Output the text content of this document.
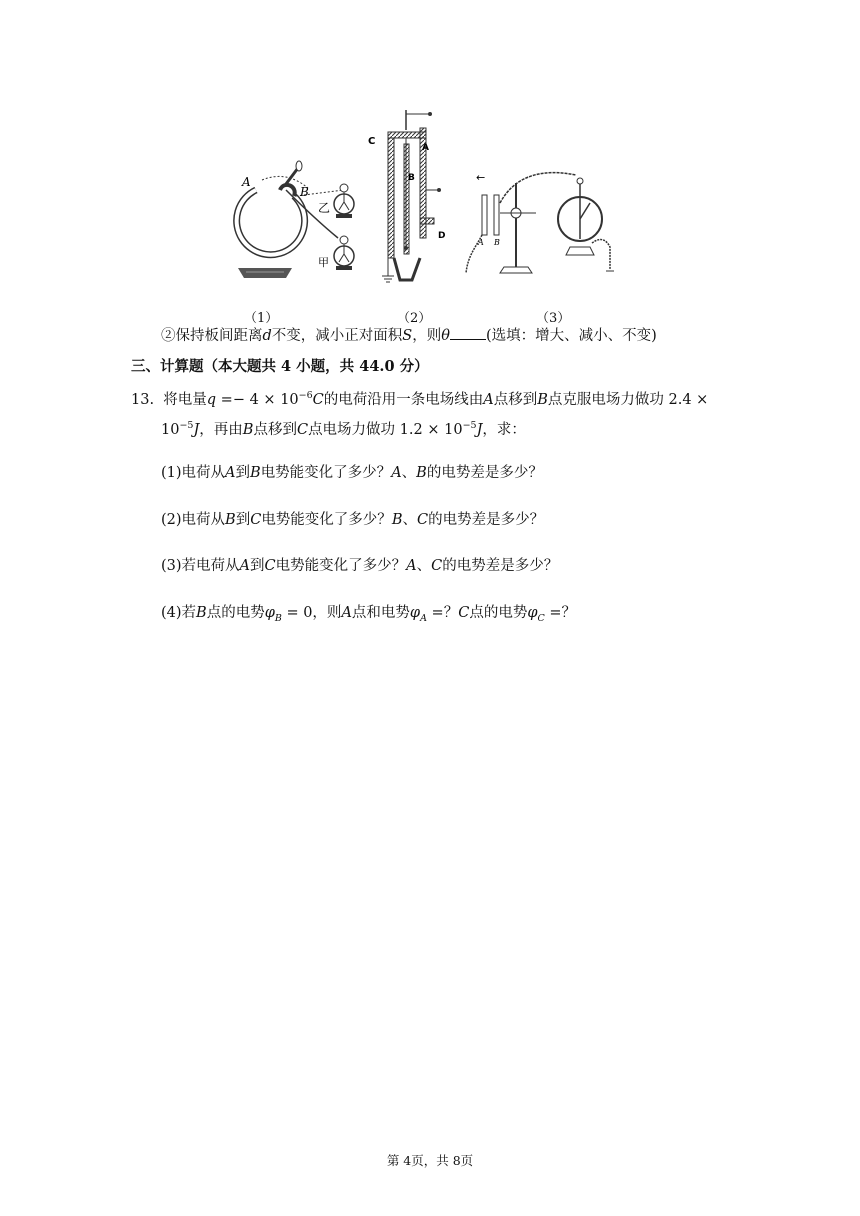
A
B
乙
甲
C
A
B
D
←
A B
（1）	（2）	（3）
②保持板间距离d不变，减小正对面积S，则θ (选填：增大、减小、不变)
三、计算题（本大题共 4 小题，共 44.0 分）
13. 将电量$q =- 4 \times 10^{-6}C$的电荷沿用一条电场线由A点移到B点克服电场力做功 2.4 ×
$10^{-5}J$，再由B点移到C点电场力做功 $1.2 \times 10^{-5}J$，求：
(1)电荷从A到B电势能变化了多少？A、B的电势差是多少？
(2)电荷从B到C电势能变化了多少？B、C的电势差是多少？
(3)若电荷从A到C电势能变化了多少？A、C的电势差是多少？
(4)若B点的电势$\varphi_B = 0$，则A点和电势$\varphi_A$ =？C点的电势$\varphi_C$ =？
第 4页，共 8页
